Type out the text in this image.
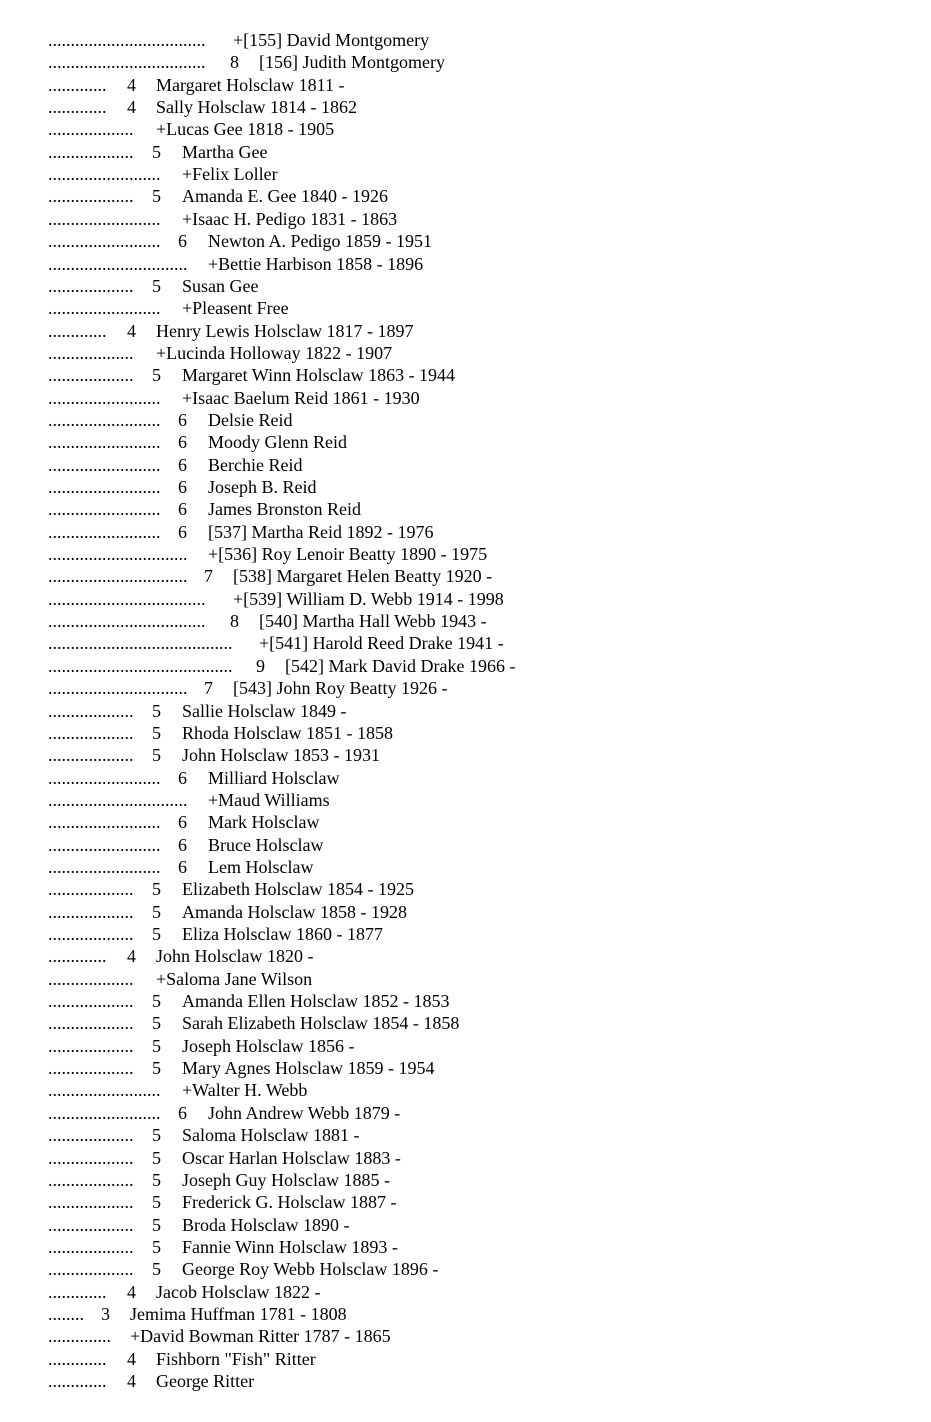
................................... +[155] David Montgomery
................................... 8 [156] Judith Montgomery
............. 4 Margaret Holsclaw 1811 -
............. 4 Sally Holsclaw 1814 - 1862
................... +Lucas Gee 1818 - 1905
................... 5 Martha Gee
......................... +Felix Loller
................... 5 Amanda E. Gee 1840 - 1926
......................... +Isaac H. Pedigo 1831 - 1863
......................... 6 Newton A. Pedigo 1859 - 1951
............................... +Bettie Harbison 1858 - 1896
................... 5 Susan Gee
......................... +Pleasent Free
............. 4 Henry Lewis Holsclaw 1817 - 1897
................... +Lucinda Holloway 1822 - 1907
................... 5 Margaret Winn Holsclaw 1863 - 1944
......................... +Isaac Baelum Reid 1861 - 1930
......................... 6 Delsie Reid
......................... 6 Moody Glenn Reid
......................... 6 Berchie Reid
......................... 6 Joseph B. Reid
......................... 6 James Bronston Reid
......................... 6 [537] Martha Reid 1892 - 1976
............................... +[536] Roy Lenoir Beatty 1890 - 1975
............................... 7 [538] Margaret Helen Beatty 1920 -
................................... +[539] William D. Webb 1914 - 1998
................................... 8 [540] Martha Hall Webb 1943 -
......................................... +[541] Harold Reed Drake 1941 -
......................................... 9 [542] Mark David Drake 1966 -
............................... 7 [543] John Roy Beatty 1926 -
................... 5 Sallie Holsclaw 1849 -
................... 5 Rhoda Holsclaw 1851 - 1858
................... 5 John Holsclaw 1853 - 1931
......................... 6 Milliard Holsclaw
............................... +Maud Williams
......................... 6 Mark Holsclaw
......................... 6 Bruce Holsclaw
......................... 6 Lem Holsclaw
................... 5 Elizabeth Holsclaw 1854 - 1925
................... 5 Amanda Holsclaw 1858 - 1928
................... 5 Eliza Holsclaw 1860 - 1877
............. 4 John Holsclaw 1820 -
................... +Saloma Jane Wilson
................... 5 Amanda Ellen Holsclaw 1852 - 1853
................... 5 Sarah Elizabeth Holsclaw 1854 - 1858
................... 5 Joseph Holsclaw 1856 -
................... 5 Mary Agnes Holsclaw 1859 - 1954
......................... +Walter H. Webb
......................... 6 John Andrew Webb 1879 -
................... 5 Saloma Holsclaw 1881 -
................... 5 Oscar Harlan Holsclaw 1883 -
................... 5 Joseph Guy Holsclaw 1885 -
................... 5 Frederick G. Holsclaw 1887 -
................... 5 Broda Holsclaw 1890 -
................... 5 Fannie Winn Holsclaw 1893 -
................... 5 George Roy Webb Holsclaw 1896 -
............. 4 Jacob Holsclaw 1822 -
........ 3 Jemima Huffman 1781 - 1808
.............. +David Bowman Ritter 1787 - 1865
............. 4 Fishborn "Fish" Ritter
............. 4 George Ritter
